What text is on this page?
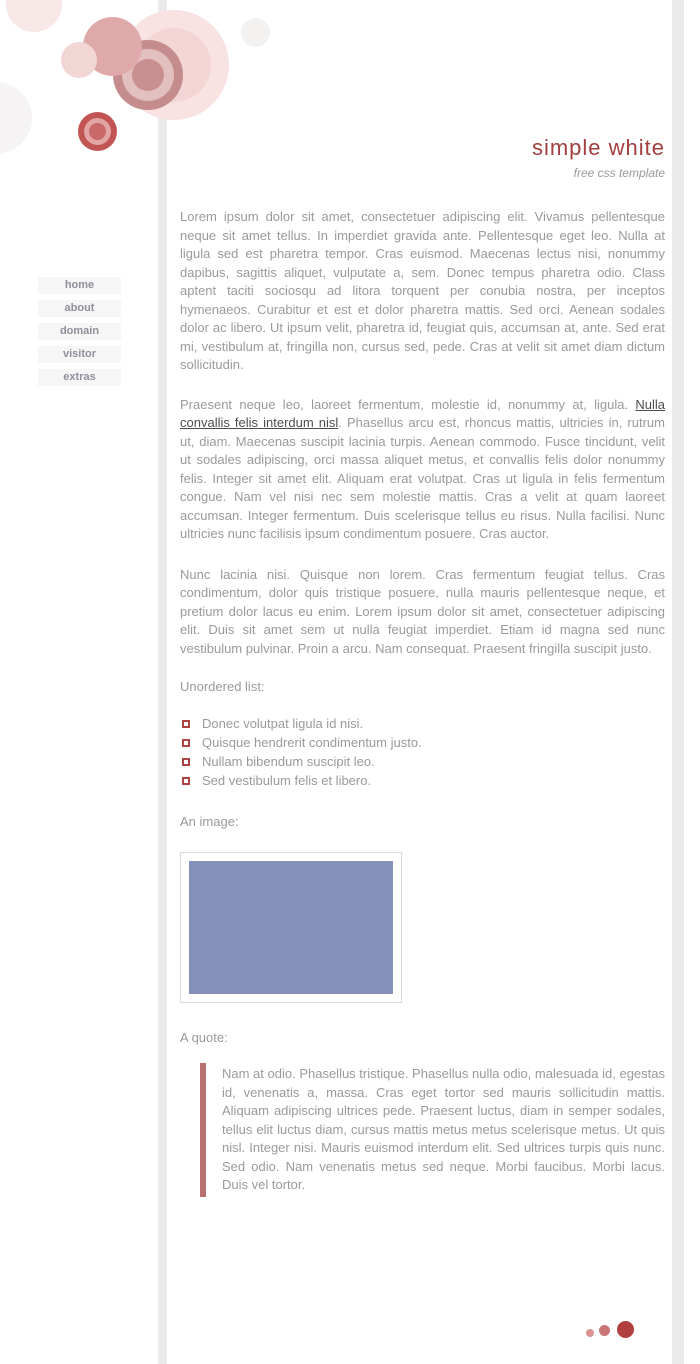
home
about
domain
visitor
extras
simple white
free css template

Lorem ipsum dolor sit amet, consectetuer adipiscing elit. Vivamus pellentesque neque sit amet tellus. In imperdiet gravida ante. Pellentesque eget leo. Nulla at ligula sed est pharetra tempor. Cras euismod. Maecenas lectus nisi, nonummy dapibus, sagittis aliquet, vulputate a, sem. Donec tempus pharetra odio. Class aptent taciti sociosqu ad litora torquent per conubia nostra, per inceptos hymenaeos. Curabitur et est et dolor pharetra mattis. Sed orci. Aenean sodales dolor ac libero. Ut ipsum velit, pharetra id, feugiat quis, accumsan at, ante. Sed erat mi, vestibulum at, fringilla non, cursus sed, pede. Cras at velit sit amet diam dictum sollicitudin.

Praesent neque leo, laoreet fermentum, molestie id, nonummy at, ligula. Nulla convallis felis interdum nisl. Phasellus arcu est, rhoncus mattis, ultricies in, rutrum ut, diam. Maecenas suscipit lacinia turpis. Aenean commodo. Fusce tincidunt, velit ut sodales adipiscing, orci massa aliquet metus, et convallis felis dolor nonummy felis. Integer sit amet elit. Aliquam erat volutpat. Cras ut ligula in felis fermentum congue. Nam vel nisi nec sem molestie mattis. Cras a velit at quam laoreet accumsan. Integer fermentum. Duis scelerisque tellus eu risus. Nulla facilisi. Nunc ultricies nunc facilisis ipsum condimentum posuere. Cras auctor.

Nunc lacinia nisi. Quisque non lorem. Cras fermentum feugiat tellus. Cras condimentum, dolor quis tristique posuere, nulla mauris pellentesque neque, et pretium dolor lacus eu enim. Lorem ipsum dolor sit amet, consectetuer adipiscing elit. Duis sit amet sem ut nulla feugiat imperdiet. Etiam id magna sed nunc vestibulum pulvinar. Proin a arcu. Nam consequat. Praesent fringilla suscipit justo.

Unordered list:
Donec volutpat ligula id nisi.
Quisque hendrerit condimentum justo.
Nullam bibendum suscipit leo.
Sed vestibulum felis et libero.
An image:
A quote:

Nam at odio. Phasellus tristique. Phasellus nulla odio, malesuada id, egestas id, venenatis a, massa. Cras eget tortor sed mauris sollicitudin mattis. Aliquam adipiscing ultrices pede. Praesent luctus, diam in semper sodales, tellus elit luctus diam, cursus mattis metus metus scelerisque metus. Ut quis nisl. Integer nisi. Mauris euismod interdum elit. Sed ultrices turpis quis nunc. Sed odio. Nam venenatis metus sed neque. Morbi faucibus. Morbi lacus. Duis vel tortor.
